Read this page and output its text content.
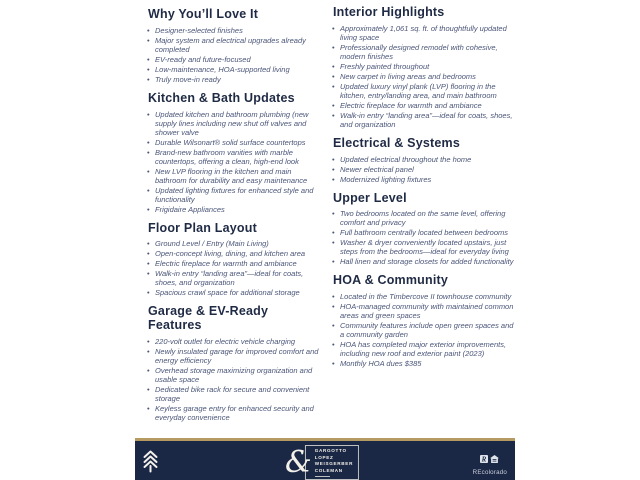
Why You’ll Love It
• Designer-selected finishes
• Major system and electrical upgrades already completed
• EV-ready and future-focused
• Low-maintenance, HOA-supported living
• Truly move-in ready
Kitchen & Bath Updates
• Updated kitchen and bathroom plumbing (new supply lines including new shut off valves and shower valve
• Durable Wilsonart® solid surface countertops
• Brand-new bathroom vanities with marble countertops, offering a clean, high-end look
• New LVP flooring in the kitchen and main bathroom for durability and easy maintenance
• Updated lighting fixtures for enhanced style and functionality
• Frigidaire Appliances
Floor Plan Layout
• Ground Level / Entry (Main Living)
• Open-concept living, dining, and kitchen area
• Electric fireplace for warmth and ambiance
• Walk-in entry “landing area”—ideal for coats, shoes, and organization
• Spacious crawl space for additional storage
Garage & EV-Ready Features
• 220-volt outlet for electric vehicle charging
• Newly insulated garage for improved comfort and energy efficiency
• Overhead storage maximizing organization and usable space
• Dedicated bike rack for secure and convenient storage
• Keyless garage entry for enhanced security and everyday convenience
Interior Highlights
• Approximately 1,061 sq. ft. of thoughtfully updated living space
• Professionally designed remodel with cohesive, modern finishes
• Freshly painted throughout
• New carpet in living areas and bedrooms
• Updated luxury vinyl plank (LVP) flooring in the kitchen, entry/landing area, and main bathroom
• Electric fireplace for warmth and ambiance
• Walk-in entry “landing area”—ideal for coats, shoes, and organization
Electrical & Systems
• Updated electrical throughout the home
• Newer electrical panel
• Modernized lighting fixtures
Upper Level
• Two bedrooms located on the same level, offering comfort and privacy
• Full bathroom centrally located between bedrooms
• Washer & dryer conveniently located upstairs, just steps from the bedrooms—ideal for everyday living
• Hall linen and storage closets for added functionality
HOA & Community
• Located in the Timbercove II townhouse community
• HOA-managed community with maintained common areas and green spaces
• Community features include open green spaces and a community garden
• HOA has completed major exterior improvements, including new roof and exterior paint (2023)
• Monthly HOA dues $385
& GARGOTTO
LOPEZ
WEISGERBER
COLEMAN
R
REcolorado
